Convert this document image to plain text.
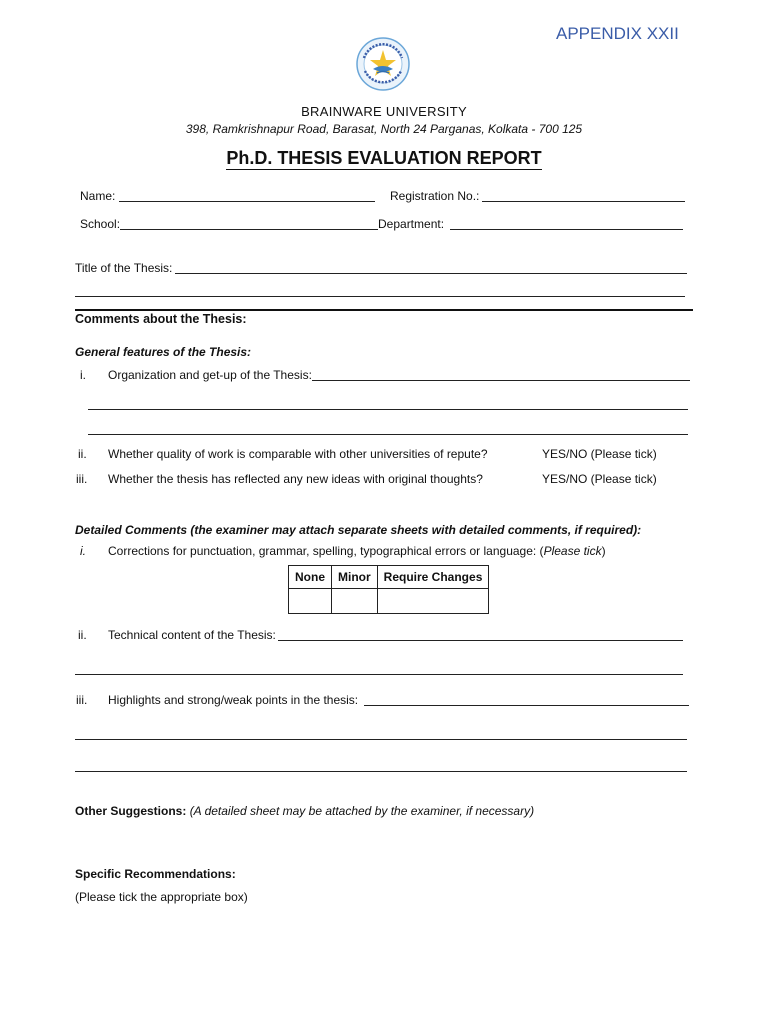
APPENDIX XXII
BRAINWARE UNIVERSITY
398, Ramkrishnapur Road, Barasat, North 24 Parganas, Kolkata - 700 125
Ph.D. THESIS EVALUATION REPORT
Name:	Registration No.:
School:	Department:
Title of the Thesis:
Comments about the Thesis:
General features of the Thesis:
i. Organization and get-up of the Thesis:
ii. Whether quality of work is comparable with other universities of repute?	YES/NO (Please tick)
iii. Whether the thesis has reflected any new ideas with original thoughts?	YES/NO (Please tick)
Detailed Comments (the examiner may attach separate sheets with detailed comments, if required):
i. Corrections for punctuation, grammar, spelling, typographical errors or language: (Please tick)
None	Minor	Require Changes

ii. Technical content of the Thesis:
iii. Highlights and strong/weak points in the thesis:
Other Suggestions: (A detailed sheet may be attached by the examiner, if necessary)
Specific Recommendations:
(Please tick the appropriate box)
